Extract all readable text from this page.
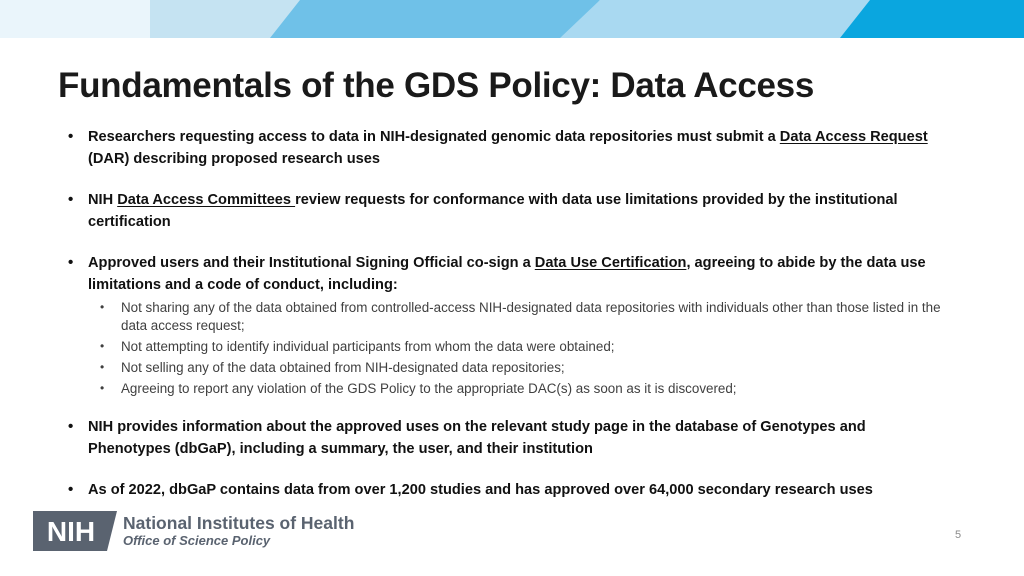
Fundamentals of the GDS Policy: Data Access
• Researchers requesting access to data in NIH-designated genomic data repositories must submit a Data Access Request (DAR) describing proposed research uses
• NIH Data Access Committees review requests for conformance with data use limitations provided by the institutional certification
• Approved users and their Institutional Signing Official co-sign a Data Use Certification, agreeing to abide by the data use limitations and a code of conduct, including:
• Not sharing any of the data obtained from controlled-access NIH-designated data repositories with individuals other than those listed in the data access request;
• Not attempting to identify individual participants from whom the data were obtained;
• Not selling any of the data obtained from NIH-designated data repositories;
• Agreeing to report any violation of the GDS Policy to the appropriate DAC(s) as soon as it is discovered;
• NIH provides information about the approved uses on the relevant study page in the database of Genotypes and Phenotypes (dbGaP), including a summary, the user, and their institution
• As of 2022, dbGaP contains data from over 1,200 studies and has approved over 64,000 secondary research uses
NIH National Institutes of Health
Office of Science Policy	5
